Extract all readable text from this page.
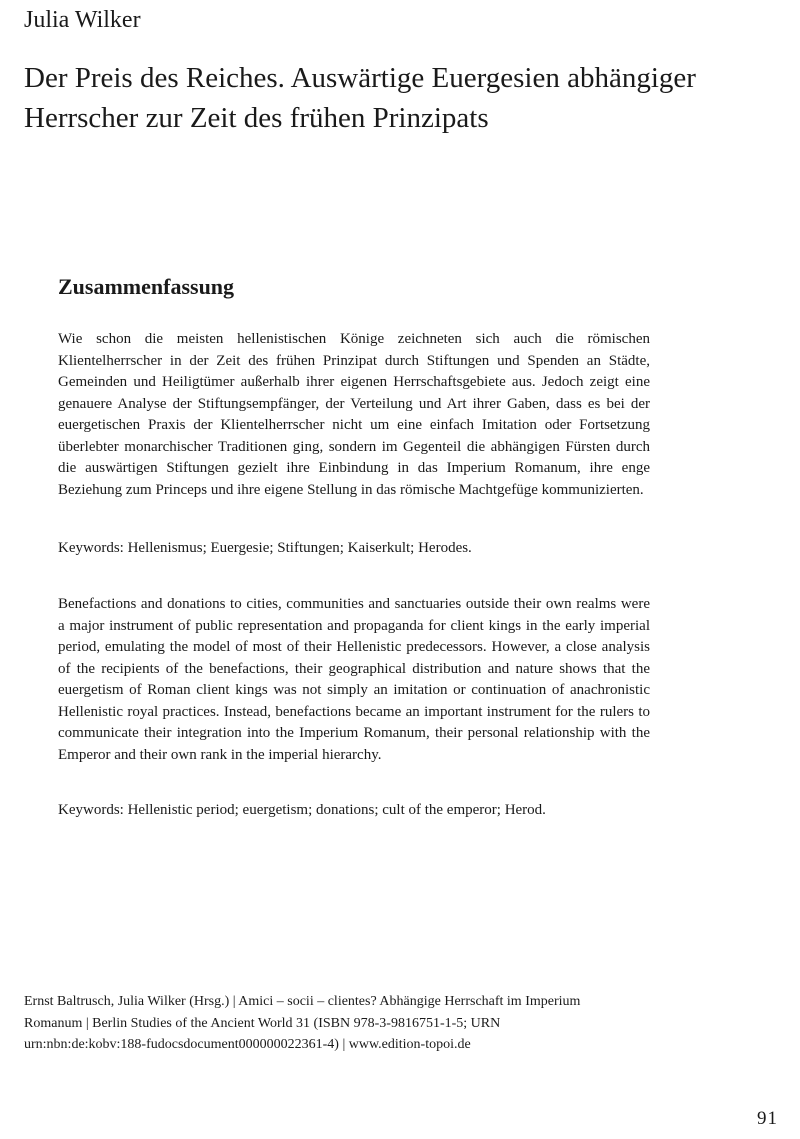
Julia Wilker
Der Preis des Reiches. Auswärtige Euergesien abhängiger Herrscher zur Zeit des frühen Prinzipats
Zusammenfassung

Wie schon die meisten hellenistischen Könige zeichneten sich auch die römischen Klientelherrscher in der Zeit des frühen Prinzipat durch Stiftungen und Spenden an Städte, Gemeinden und Heiligtümer außerhalb ihrer eigenen Herrschaftsgebiete aus. Jedoch zeigt eine genauere Analyse der Stiftungsempfänger, der Verteilung und Art ihrer Gaben, dass es bei der euergetischen Praxis der Klientelherrscher nicht um eine einfach Imitation oder Fortsetzung überlebter monarchischer Traditionen ging, sondern im Gegenteil die abhängigen Fürsten durch die auswärtigen Stiftungen gezielt ihre Einbindung in das Imperium Romanum, ihre enge Beziehung zum Princeps und ihre eigene Stellung in das römische Machtgefüge kommunizierten.

Keywords: Hellenismus; Euergesie; Stiftungen; Kaiserkult; Herodes.

Benefactions and donations to cities, communities and sanctuaries outside their own realms were a major instrument of public representation and propaganda for client kings in the early imperial period, emulating the model of most of their Hellenistic predecessors. However, a close analysis of the recipients of the benefactions, their geographical distribution and nature shows that the euergetism of Roman client kings was not simply an imitation or continuation of anachronistic Hellenistic royal practices. Instead, benefactions became an important instrument for the rulers to communicate their integration into the Imperium Romanum, their personal relationship with the Emperor and their own rank in the imperial hierarchy.

Keywords: Hellenistic period; euergetism; donations; cult of the emperor; Herod.

Ernst Baltrusch, Julia Wilker (Hrsg.) | Amici – socii – clientes? Abhängige Herrschaft im Imperium Romanum | Berlin Studies of the Ancient World 31 (ISBN 978-3-9816751-1-5; URN urn:nbn:de:kobv:188-fudocsdocument000000022361-4) | www.edition-topoi.de

91
